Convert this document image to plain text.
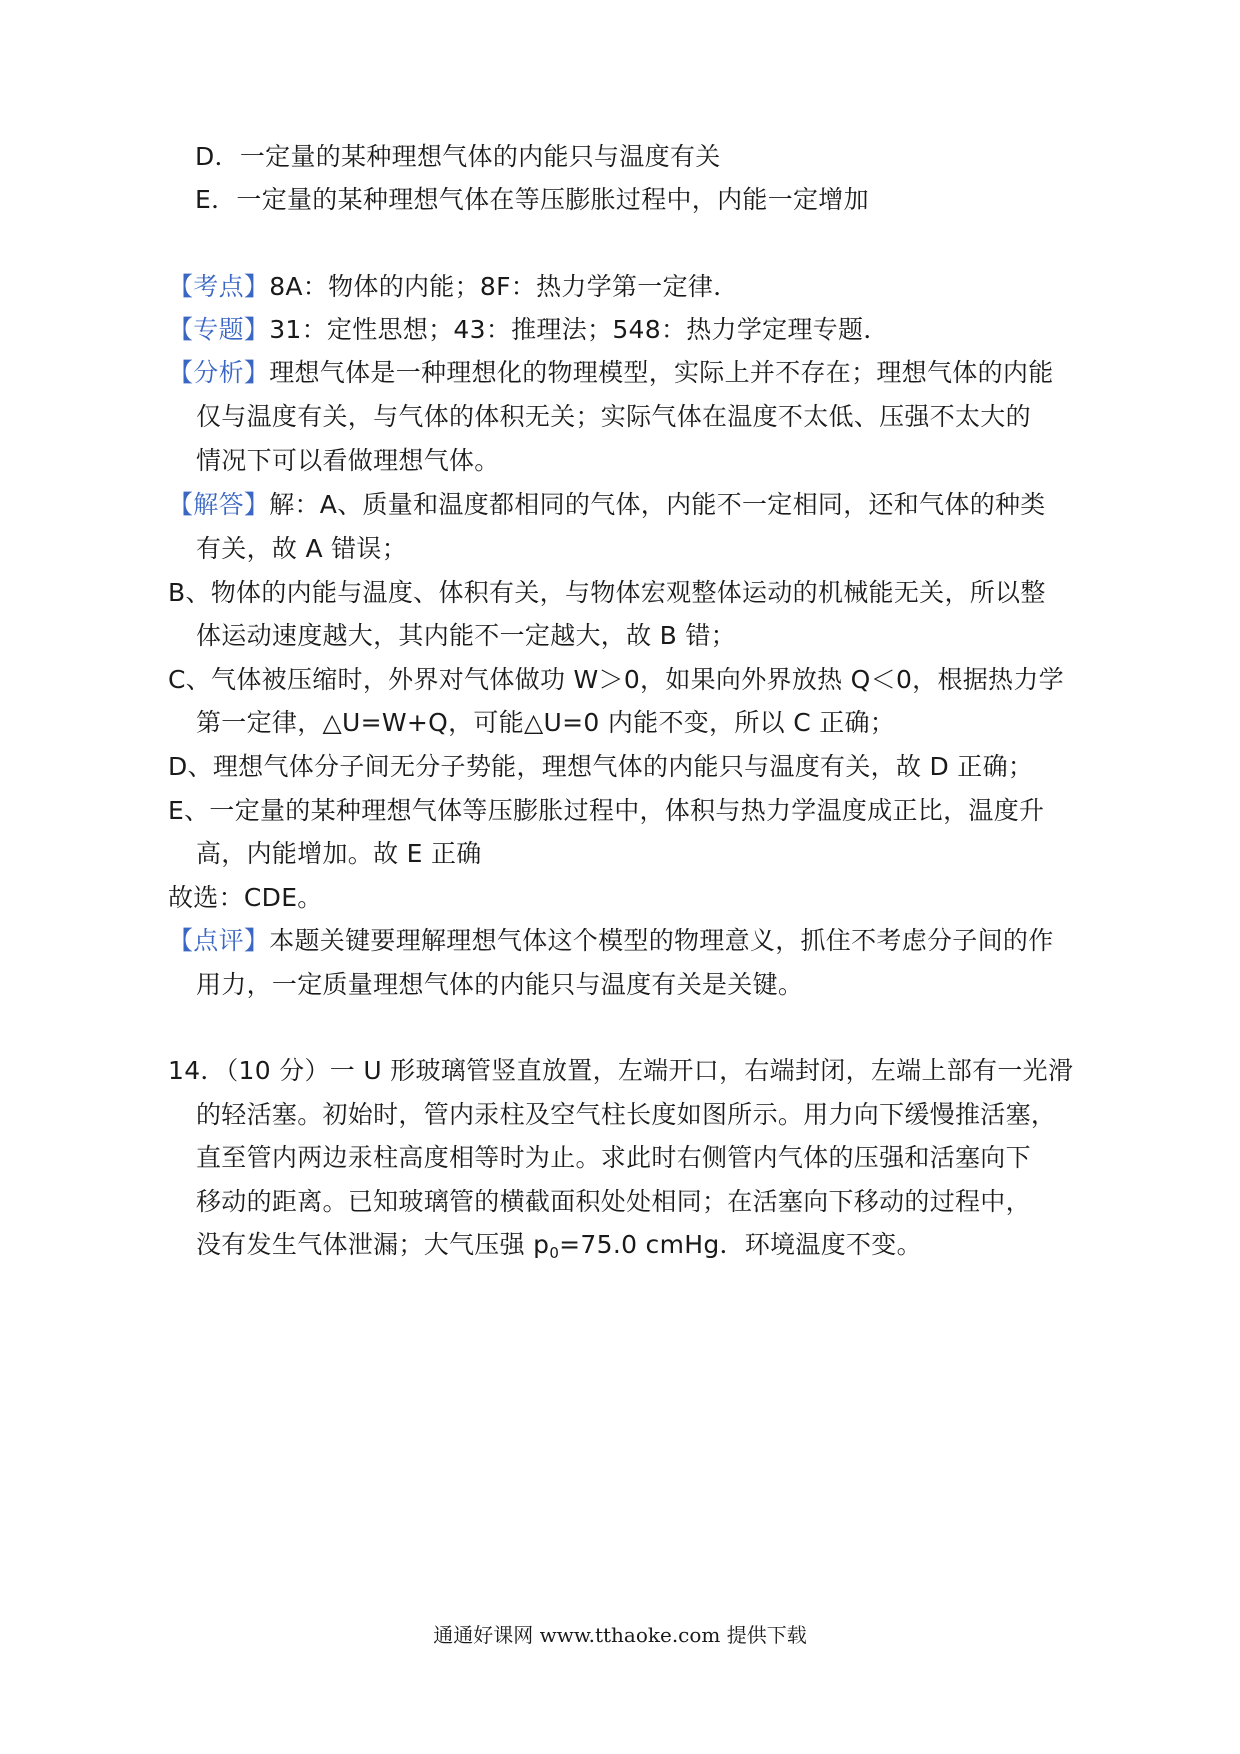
D．一定量的某种理想气体的内能只与温度有关
E．一定量的某种理想气体在等压膨胀过程中，内能一定增加
【考点】8A：物体的内能；8F：热力学第一定律．
【专题】31：定性思想；43：推理法；548：热力学定理专题．
【分析】理想气体是一种理想化的物理模型，实际上并不存在；理想气体的内能
仅与温度有关，与气体的体积无关；实际气体在温度不太低、压强不太大的
情况下可以看做理想气体。
【解答】解：A、质量和温度都相同的气体，内能不一定相同，还和气体的种类
有关，故 A 错误；
B、物体的内能与温度、体积有关，与物体宏观整体运动的机械能无关，所以整
体运动速度越大，其内能不一定越大，故 B 错；
C、气体被压缩时，外界对气体做功 W＞0，如果向外界放热 Q＜0，根据热力学
第一定律，△U=W+Q，可能△U=0 内能不变，所以 C 正确；
D、理想气体分子间无分子势能，理想气体的内能只与温度有关，故 D 正确；
E、一定量的某种理想气体等压膨胀过程中，体积与热力学温度成正比，温度升
高，内能增加。故 E 正确
故选：CDE。
【点评】本题关键要理解理想气体这个模型的物理意义，抓住不考虑分子间的作
用力，一定质量理想气体的内能只与温度有关是关键。
14．（10 分）一 U 形玻璃管竖直放置，左端开口，右端封闭，左端上部有一光滑
的轻活塞。初始时，管内汞柱及空气柱长度如图所示。用力向下缓慢推活塞，
直至管内两边汞柱高度相等时为止。求此时右侧管内气体的压强和活塞向下
移动的距离。已知玻璃管的横截面积处处相同；在活塞向下移动的过程中，
没有发生气体泄漏；大气压强 $p_0=75.0$ cmHg．环境温度不变。
通通好课网 www.tthaoke.com 提供下载
